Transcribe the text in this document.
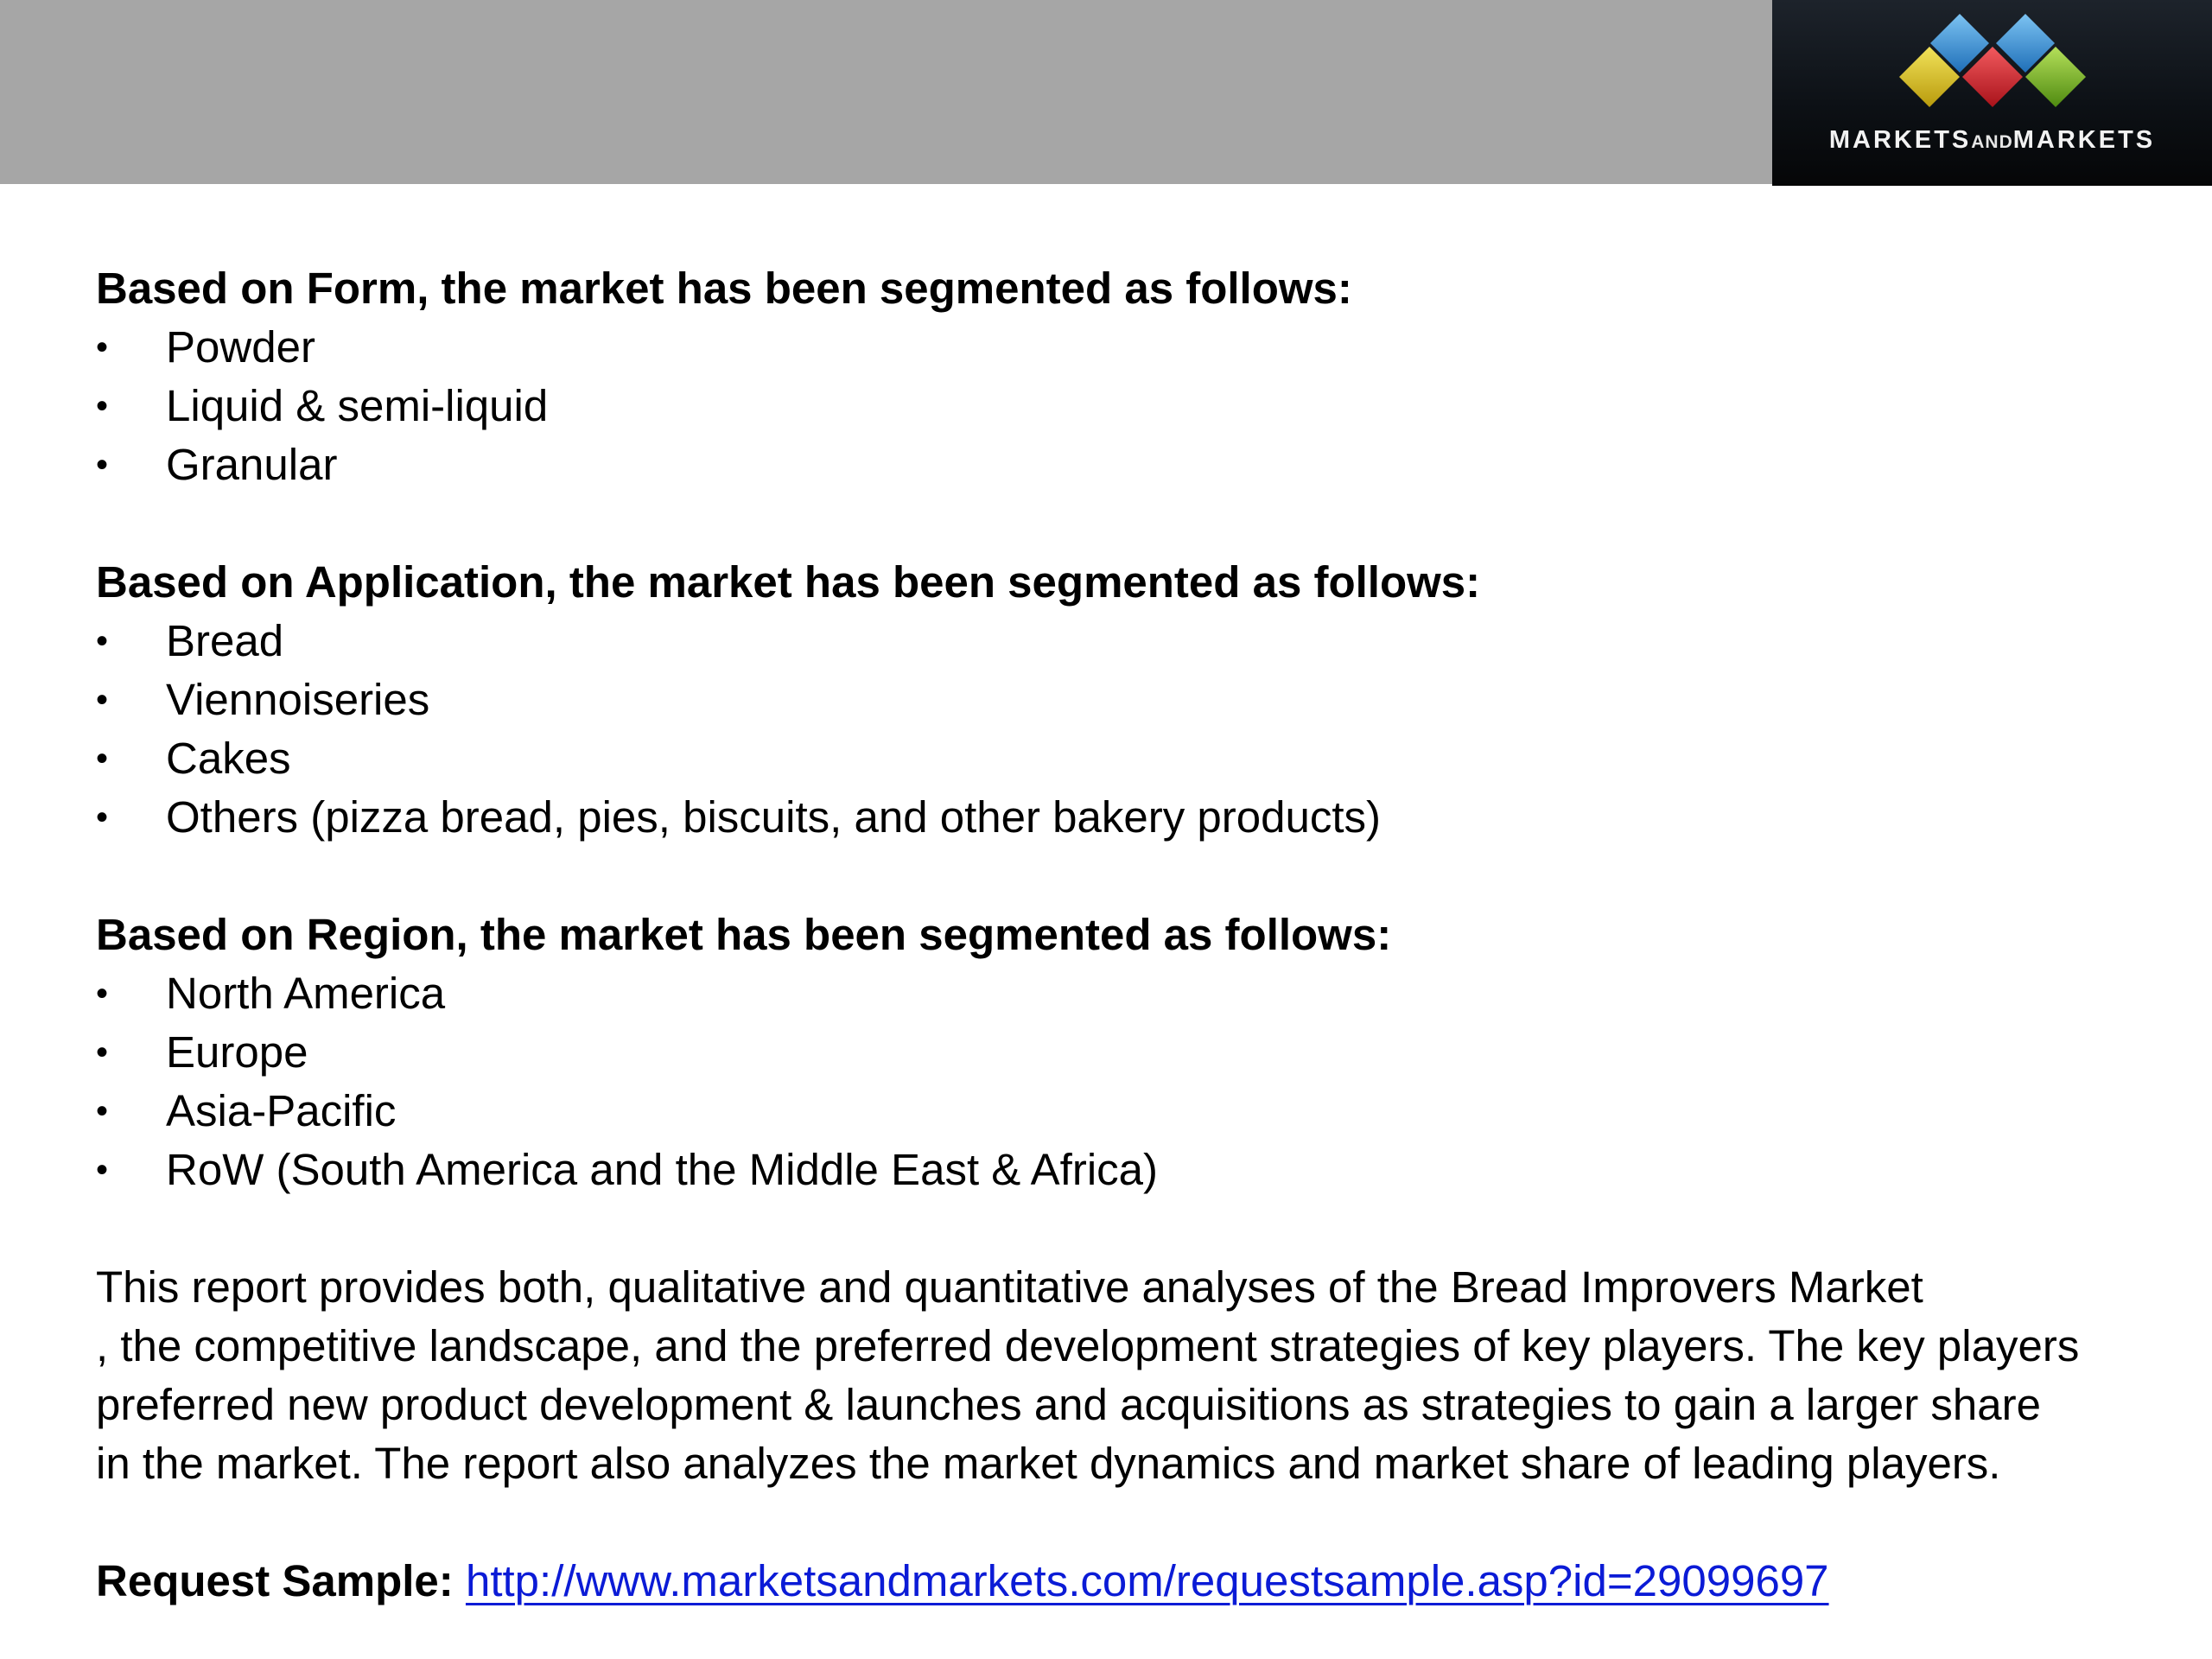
MARKETSANDMARKETS

Based on Form, the market has been segmented as follows:

• Powder
• Liquid & semi-liquid
• Granular

Based on Application, the market has been segmented as follows:

• Bread
• Viennoiseries
• Cakes
• Others (pizza bread, pies, biscuits, and other bakery products)

Based on Region, the market has been segmented as follows:

• North America
• Europe
• Asia-Pacific
• RoW (South America and the Middle East & Africa)

This report provides both, qualitative and quantitative analyses of the Bread Improvers Market
, the competitive landscape, and the preferred development strategies of key players. The key players
preferred new product development & launches and acquisitions as strategies to gain a larger share
in the market. The report also analyzes the market dynamics and market share of leading players.

Request Sample: http://www.marketsandmarkets.com/requestsample.asp?id=29099697
